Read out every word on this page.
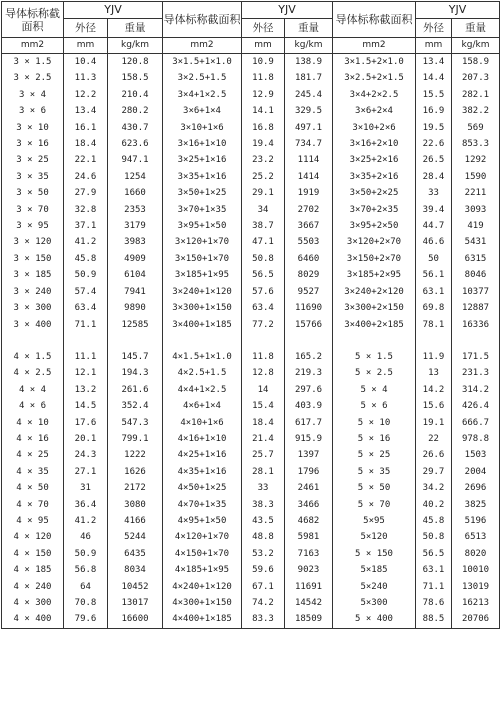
导体标称截面积	YJV		导体标称截面积	YJV		导体标称截面积	YJV	
	外径	重量		外径	重量		外径	重量
mm2	mm	kg/km	mm2	mm	kg/km	mm2	mm	kg/km
3 × 1.5	10.4	120.8	3×1.5+1×1.0	10.9	138.9	3×1.5+2×1.0	13.4	158.9
3 × 2.5	11.3	158.5	3×2.5+1.5	11.8	181.7	3×2.5+2×1.5	14.4	207.3
3 × 4	12.2	210.4	3×4+1×2.5	12.9	245.4	3×4+2×2.5	15.5	282.1
3 × 6	13.4	280.2	3×6+1×4	14.1	329.5	3×6+2×4	16.9	382.2
3 × 10	16.1	430.7	3×10+1×6	16.8	497.1	3×10+2×6	19.5	569
3 × 16	18.4	623.6	3×16+1×10	19.4	734.7	3×16+2×10	22.6	853.3
3 × 25	22.1	947.1	3×25+1×16	23.2	1114	3×25+2×16	26.5	1292
3 × 35	24.6	1254	3×35+1×16	25.2	1414	3×35+2×16	28.4	1590
3 × 50	27.9	1660	3×50+1×25	29.1	1919	3×50+2×25	33	2211
3 × 70	32.8	2353	3×70+1×35	34	2702	3×70+2×35	39.4	3093
3 × 95	37.1	3179	3×95+1×50	38.7	3667	3×95+2×50	44.7	419
3 × 120	41.2	3983	3×120+1×70	47.1	5503	3×120+2×70	46.6	5431
3 × 150	45.8	4909	3×150+1×70	50.8	6460	3×150+2×70	50	6315
3 × 185	50.9	6104	3×185+1×95	56.5	8029	3×185+2×95	56.1	8046
3 × 240	57.4	7941	3×240+1×120	57.6	9527	3×240+2×120	63.1	10377
3 × 300	63.4	9890	3×300+1×150	63.4	11690	3×300+2×150	69.8	12887
3 × 400	71.1	12585	3×400+1×185	77.2	15766	3×400+2×185	78.1	16336

4 × 1.5	11.1	145.7	4×1.5+1×1.0	11.8	165.2	5 × 1.5	11.9	171.5
4 × 2.5	12.1	194.3	4×2.5+1.5	12.8	219.3	5 × 2.5	13	231.3
4 × 4	13.2	261.6	4×4+1×2.5	14	297.6	5 × 4	14.2	314.2
4 × 6	14.5	352.4	4×6+1×4	15.4	403.9	5 × 6	15.6	426.4
4 × 10	17.6	547.3	4×10+1×6	18.4	617.7	5 × 10	19.1	666.7
4 × 16	20.1	799.1	4×16+1×10	21.4	915.9	5 × 16	22	978.8
4 × 25	24.3	1222	4×25+1×16	25.7	1397	5 × 25	26.6	1503
4 × 35	27.1	1626	4×35+1×16	28.1	1796	5 × 35	29.7	2004
4 × 50	31	2172	4×50+1×25	33	2461	5 × 50	34.2	2696
4 × 70	36.4	3080	4×70+1×35	38.3	3466	5 × 70	40.2	3825
4 × 95	41.2	4166	4×95+1×50	43.5	4682	5×95	45.8	5196
4 × 120	46	5244	4×120+1×70	48.8	5981	5×120	50.8	6513
4 × 150	50.9	6435	4×150+1×70	53.2	7163	5 × 150	56.5	8020
4 × 185	56.8	8034	4×185+1×95	59.6	9023	5×185	63.1	10010
4 × 240	64	10452	4×240+1×120	67.1	11691	5×240	71.1	13019
4 × 300	70.8	13017	4×300+1×150	74.2	14542	5×300	78.6	16213
4 × 400	79.6	16600	4×400+1×185	83.3	18509	5 × 400	88.5	20706
